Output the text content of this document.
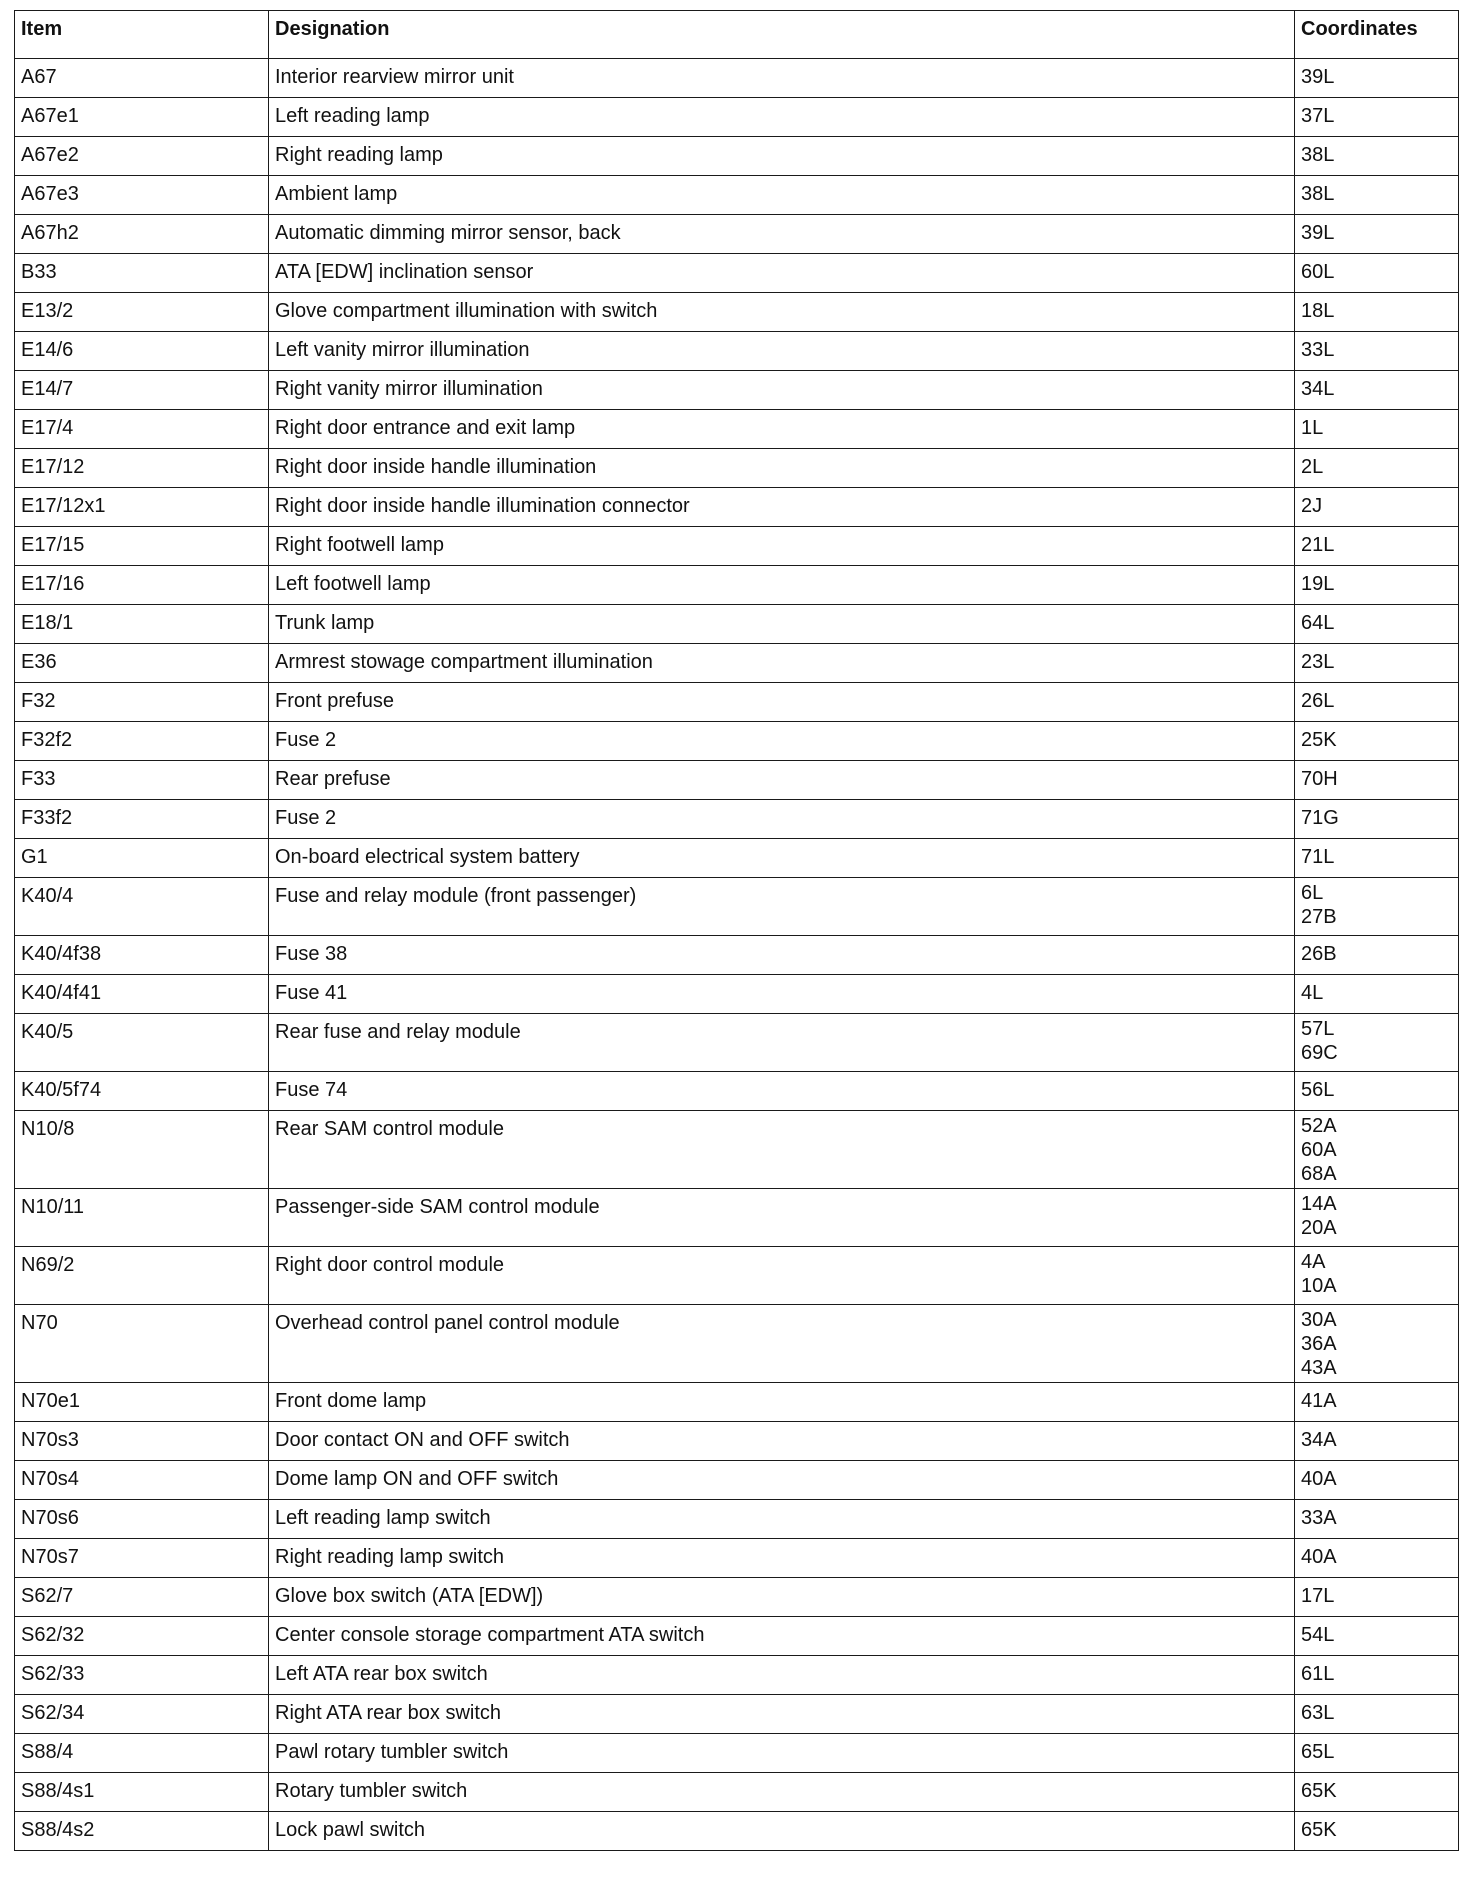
Item	Designation	Coordinates
A67	Interior rearview mirror unit	39L

A67e1	Left reading lamp	37L

A67e2	Right reading lamp	38L

A67e3	Ambient lamp	38L

A67h2	Automatic dimming mirror sensor, back	39L

B33	ATA [EDW] inclination sensor	60L

E13/2	Glove compartment illumination with switch	18L

E14/6	Left vanity mirror illumination	33L

E14/7	Right vanity mirror illumination	34L

E17/4	Right door entrance and exit lamp	1L

E17/12	Right door inside handle illumination	2L

E17/12x1	Right door inside handle illumination connector	2J

E17/15	Right footwell lamp	21L

E17/16	Left footwell lamp	19L

E18/1	Trunk lamp	64L

E36	Armrest stowage compartment illumination	23L

F32	Front prefuse	26L

F32f2	Fuse 2	25K

F33	Rear prefuse	70H

F33f2	Fuse 2	71G

G1	On-board electrical system battery	71L

K40/4	Fuse and relay module (front passenger)	6L
27B

K40/4f38	Fuse 38	26B

K40/4f41	Fuse 41	4L

K40/5	Rear fuse and relay module	57L
69C

K40/5f74	Fuse 74	56L

N10/8	Rear SAM control module	52A
60A
68A

N10/11	Passenger-side SAM control module	14A
20A

N69/2	Right door control module	4A
10A

N70	Overhead control panel control module	30A
36A
43A

N70e1	Front dome lamp	41A

N70s3	Door contact ON and OFF switch	34A

N70s4	Dome lamp ON and OFF switch	40A

N70s6	Left reading lamp switch	33A

N70s7	Right reading lamp switch	40A

S62/7	Glove box switch (ATA [EDW])	17L

S62/32	Center console storage compartment ATA switch	54L

S62/33	Left ATA rear box switch	61L

S62/34	Right ATA rear box switch	63L

S88/4	Pawl rotary tumbler switch	65L

S88/4s1	Rotary tumbler switch	65K

S88/4s2	Lock pawl switch	65K
